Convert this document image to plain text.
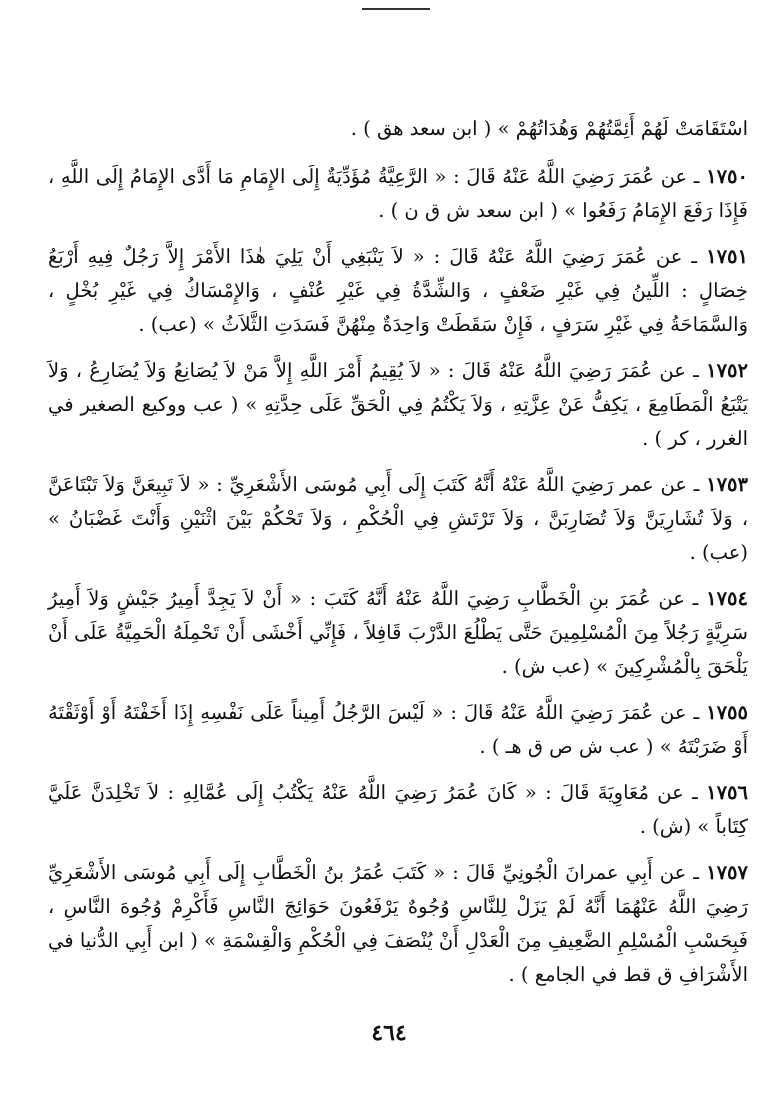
اسْتَقَامَتْ لَهُمْ أَئِمَّتُهُمْ وَهُدَاتُهُمْ » ( ابن سعد هق ) .

١٧٥٠ ـ عن عُمَرَ رَضِيَ اللَّهُ عَنْهُ قَالَ : « الرَّعِيَّةُ مُؤَدِّيَةٌ إِلَى الإِمَامِ مَا أَدَّى الإِمَامُ إِلَى اللَّهِ ، فَإِذَا رَفَعَ الإِمَامُ رَفَعُوا » ( ابن سعد ش ق ن ) .

١٧٥١ ـ عن عُمَرَ رَضِيَ اللَّهُ عَنْهُ قَالَ : « لاَ يَنْبَغِي أَنْ يَلِيَ هٰذَا الأَمْرَ إِلاَّ رَجُلٌ فِيهِ أَرْبَعُ خِصَالٍ : اللِّينُ فِي غَيْرِ ضَعْفٍ ، وَالشِّدَّةُ فِي غَيْرِ عُنْفٍ ، وَالإِمْسَاكُ فِي غَيْرِ بُخْلٍ ، وَالسَّمَاحَةُ فِي غَيْرِ سَرَفٍ ، فَإِنْ سَقَطَتْ وَاحِدَةٌ مِنْهُنَّ فَسَدَتِ الثَّلاَثُ » (عب) .

١٧٥٢ ـ عن عُمَرَ رَضِيَ اللَّهُ عَنْهُ قَالَ : « لاَ يُقِيمُ أَمْرَ اللَّهِ إِلاَّ مَنْ لاَ يُصَانِعُ وَلاَ يُضَارِعُ ، وَلاَ يَتْبَعُ الْمَطَامِعَ ، يَكِفُّ عَنْ عِزَّتِهِ ، وَلاَ يَكْتُمُ فِي الْحَقِّ عَلَى حِدَّتِهِ » ( عب ووكيع الصغير في الغرر ، كر ) .

١٧٥٣ ـ عن عمر رَضِيَ اللَّهُ عَنْهُ أَنَّهُ كَتَبَ إِلَى أَبِي مُوسَى الأَشْعَرِيِّ : « لاَ تَبِيعَنَّ وَلاَ تَبْتَاعَنَّ ، وَلاَ تُشَارِيَنَّ وَلاَ تُضَارِبَنَّ ، وَلاَ تَرْتَشِ فِي الْحُكْمِ ، وَلاَ تَحْكُمْ بَيْنَ اثْنَيْنِ وَأَنْتَ غَضْبَانُ » (عب) .

١٧٥٤ ـ عن عُمَرَ بنِ الْخَطَّابِ رَضِيَ اللَّهُ عَنْهُ أَنَّهُ كَتَبَ : « أَنْ لاَ يَجِدَّ أَمِيرُ جَيْشٍ وَلاَ أَمِيرُ سَرِيَّةٍ رَجُلاً مِنَ الْمُسْلِمِينَ حَتَّى يَطْلُعَ الدَّرْبَ قَافِلاً ، فَإِنِّي أَخْشَى أَنْ تَحْمِلَهُ الْحَمِيَّةُ عَلَى أَنْ يَلْحَقَ بِالْمُشْرِكِينَ » (عب ش) .

١٧٥٥ ـ عن عُمَرَ رَضِيَ اللَّهُ عَنْهُ قَالَ : « لَيْسَ الرَّجُلُ أَمِيناً عَلَى نَفْسِهِ إِذَا أَخَفْتَهُ أَوْ أَوْثَقْتَهُ أَوْ ضَرَبْتَهُ » ( عب ش ص ق هـ ) .

١٧٥٦ ـ عن مُعَاوِيَةَ قَالَ : « كَانَ عُمَرُ رَضِيَ اللَّهُ عَنْهُ يَكْتُبُ إِلَى عُمَّالِهِ : لاَ تَخْلِدَنَّ عَلَيَّ كِتَاباً » (ش) .

١٧٥٧ ـ عن أَبِي عمرانَ الْجُونِيِّ قَالَ : « كَتَبَ عُمَرُ بنُ الْخَطَّابِ إِلَى أَبِي مُوسَى الأَشْعَرِيِّ رَضِيَ اللَّهُ عَنْهُمَا أَنَّهُ لَمْ يَزَلْ لِلنَّاسِ وُجُوهٌ يَرْفَعُونَ حَوَائِجَ النَّاسِ فَأَكْرِمْ وُجُوهَ النَّاسِ ، فَبِحَسْبِ الْمُسْلِمِ الضَّعِيفِ مِنَ الْعَدْلِ أَنْ يُنْصَفَ فِي الْحُكْمِ وَالْقِسْمَةِ » ( ابن أَبِي الدُّنيا في الأَشْرَافِ ق قط في الجامع ) .

٤٦٤
